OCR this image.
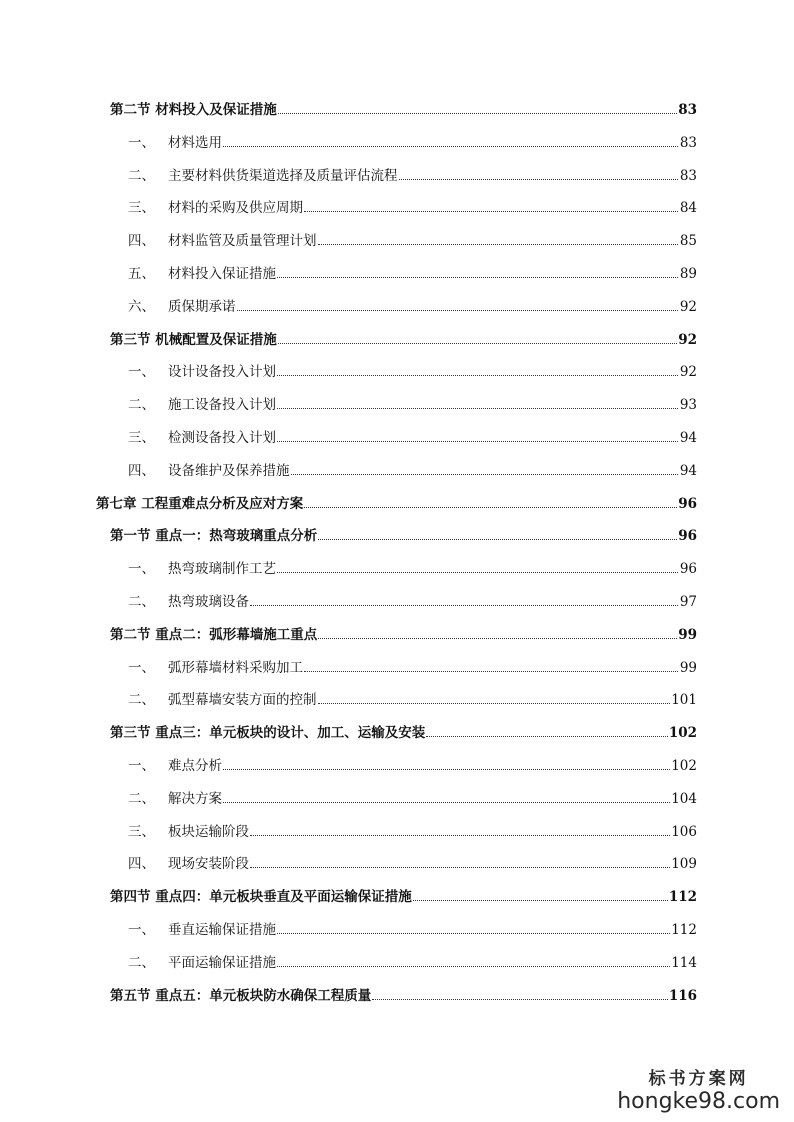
第二节 材料投入及保证措施	83
一、 材料选用	83
二、 主要材料供货渠道选择及质量评估流程	83
三、 材料的采购及供应周期	84
四、 材料监管及质量管理计划	85
五、 材料投入保证措施	89
六、 质保期承诺	92
第三节 机械配置及保证措施	92
一、 设计设备投入计划	92
二、 施工设备投入计划	93
三、 检测设备投入计划	94
四、 设备维护及保养措施	94
第七章 工程重难点分析及应对方案	96
第一节 重点一：热弯玻璃重点分析	96
一、 热弯玻璃制作工艺	96
二、 热弯玻璃设备	97
第二节 重点二：弧形幕墙施工重点	99
一、 弧形幕墙材料采购加工	99
二、 弧型幕墙安装方面的控制	101
第三节 重点三：单元板块的设计、加工、运输及安装	102
一、 难点分析	102
二、 解决方案	104
三、 板块运输阶段	106
四、 现场安装阶段	109
第四节 重点四：单元板块垂直及平面运输保证措施	112
一、 垂直运输保证措施	112
二、 平面运输保证措施	114
第五节 重点五：单元板块防水确保工程质量	116
标书方案网
hongke98.com
